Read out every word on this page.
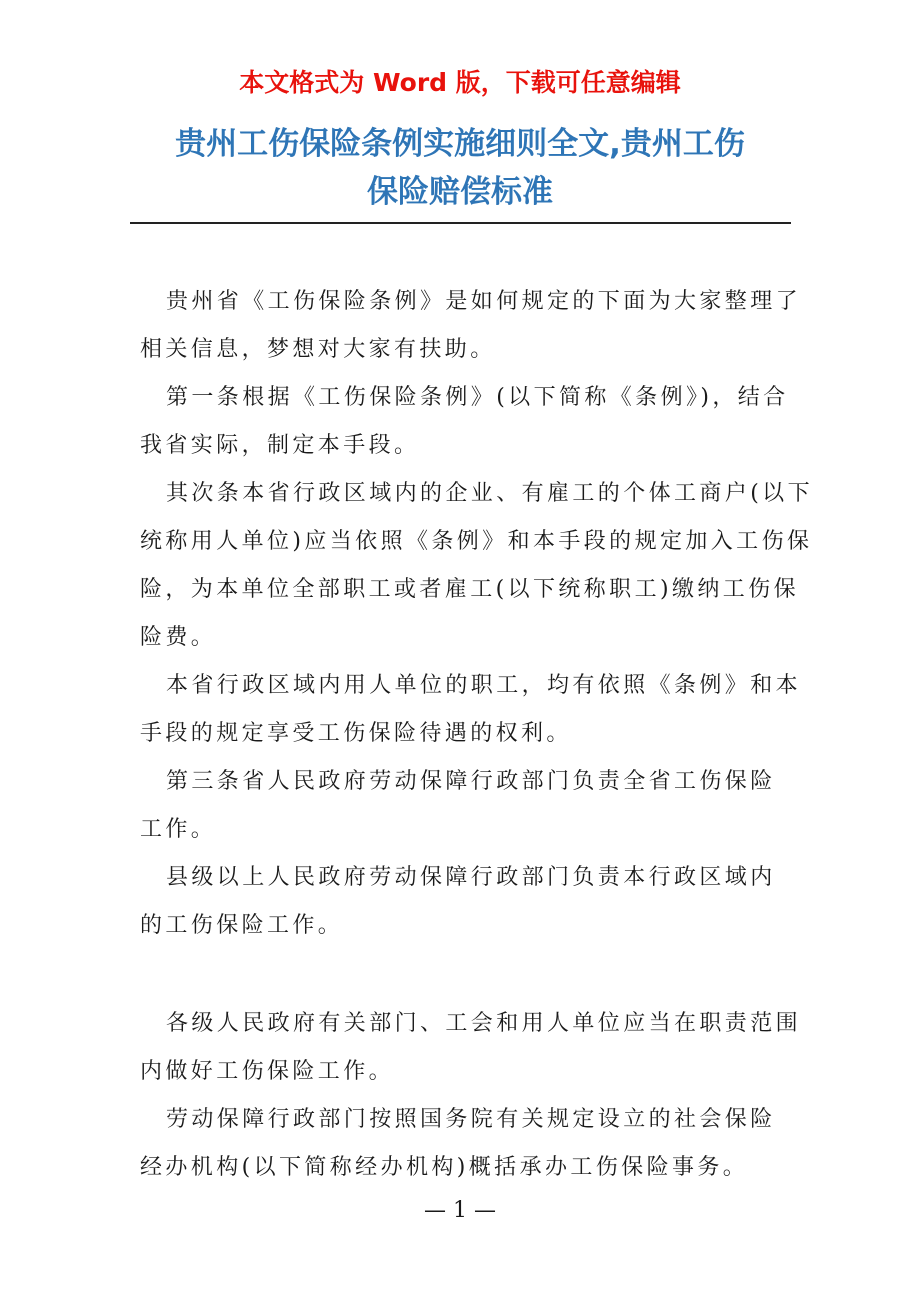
本文格式为 Word 版，下载可任意编辑
贵州工伤保险条例实施细则全文,贵州工伤
保险赔偿标准

贵州省《工伤保险条例》是如何规定的下面为大家整理了
相关信息，梦想对大家有扶助。

第一条根据《工伤保险条例》(以下简称《条例》)，结合
我省实际，制定本手段。

其次条本省行政区域内的企业、有雇工的个体工商户(以下
统称用人单位)应当依照《条例》和本手段的规定加入工伤保
险，为本单位全部职工或者雇工(以下统称职工)缴纳工伤保
险费。

本省行政区域内用人单位的职工，均有依照《条例》和本
手段的规定享受工伤保险待遇的权利。

第三条省人民政府劳动保障行政部门负责全省工伤保险
工作。

县级以上人民政府劳动保障行政部门负责本行政区域内
的工伤保险工作。

各级人民政府有关部门、工会和用人单位应当在职责范围
内做好工伤保险工作。

劳动保障行政部门按照国务院有关规定设立的社会保险
经办机构(以下简称经办机构)概括承办工伤保险事务。

— 1 —
